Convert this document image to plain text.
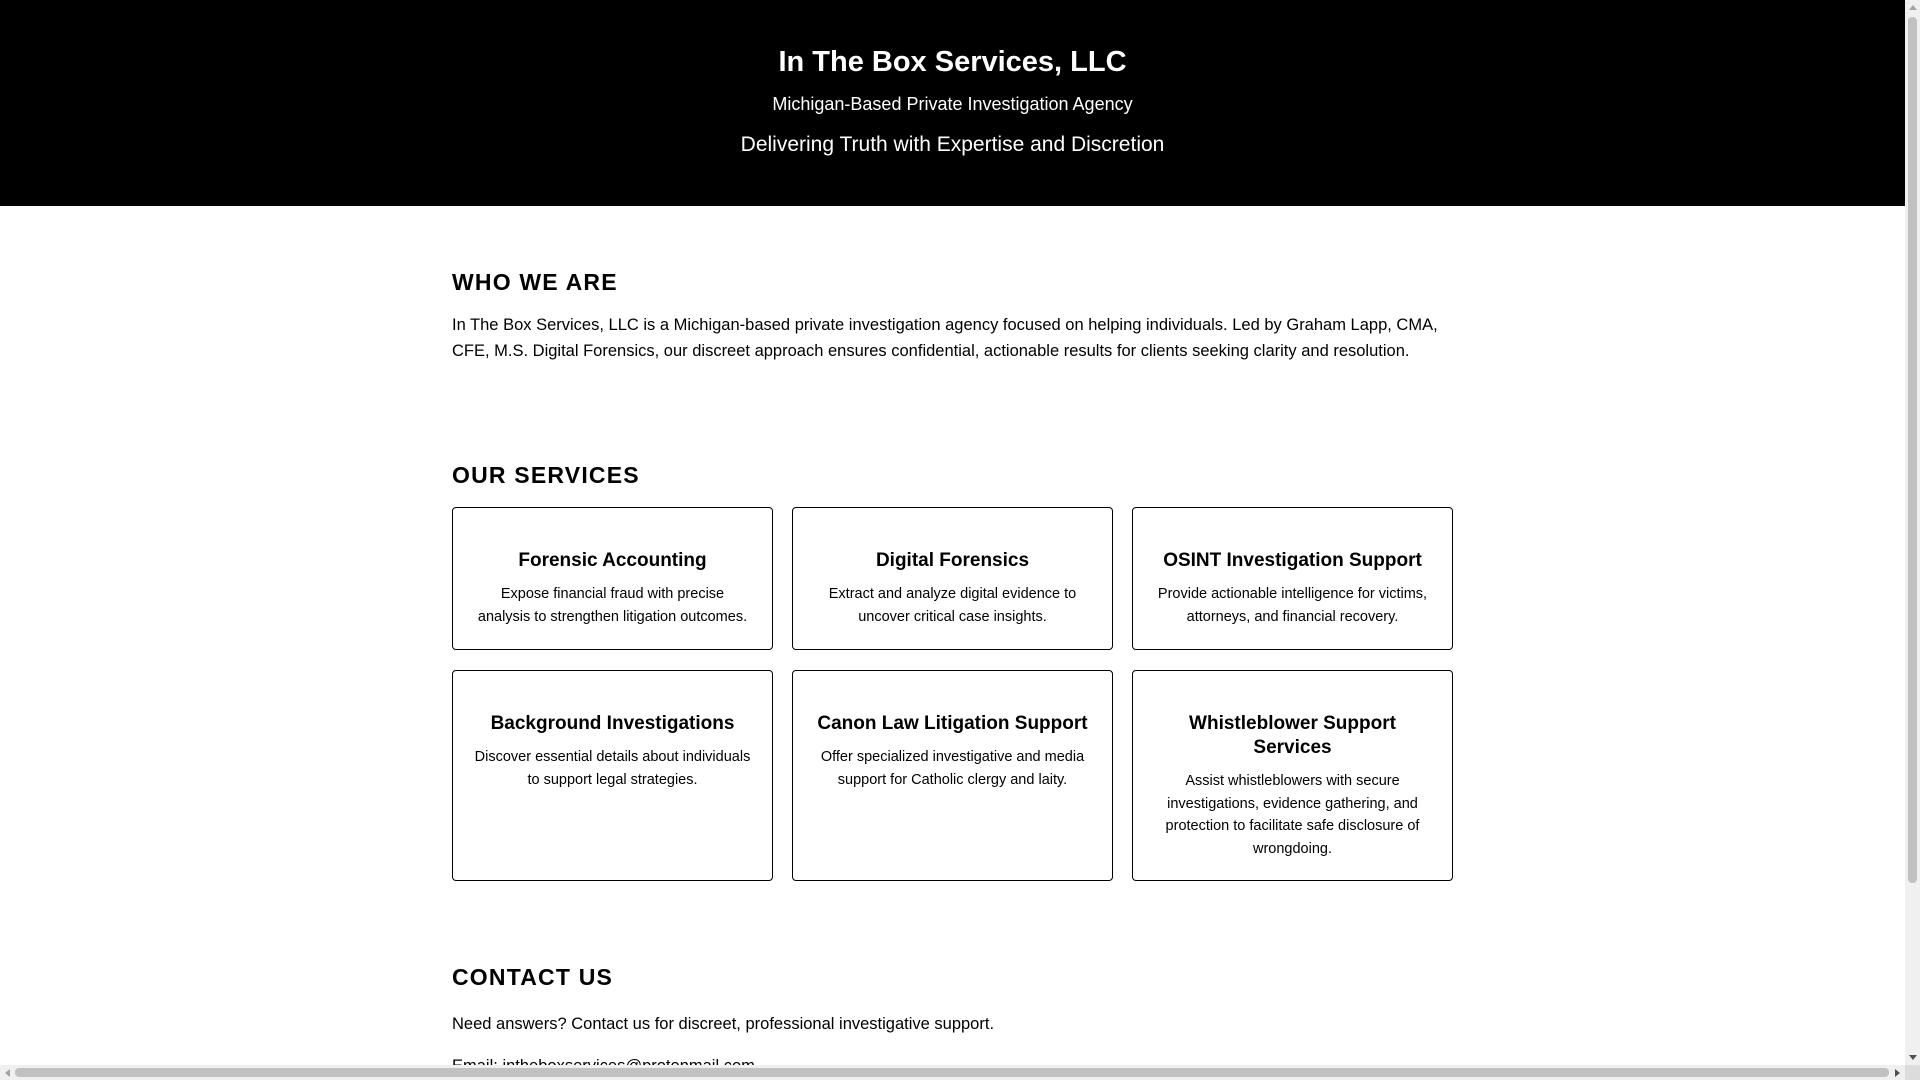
In The Box Services, LLC

Michigan-Based Private Investigation Agency

Delivering Truth with Expertise and Discretion

WHO WE ARE

In The Box Services, LLC is a Michigan-based private investigation agency focused on helping individuals. Led by Graham Lapp, CMA, CFE, M.S. Digital Forensics, our discreet approach ensures confidential, actionable results for clients seeking clarity and resolution.

OUR SERVICES
Forensic Accounting

Expose financial fraud with precise analysis to strengthen litigation outcomes.

Digital Forensics

Extract and analyze digital evidence to uncover critical case insights.

OSINT Investigation Support

Provide actionable intelligence for victims, attorneys, and financial recovery.

Background Investigations

Discover essential details about individuals to support legal strategies.

Canon Law Litigation Support

Offer specialized investigative and media support for Catholic clergy and laity.

Whistleblower Support Services

Assist whistleblowers with secure investigations, evidence gathering, and protection to facilitate safe disclosure of wrongdoing.

CONTACT US

Need answers? Contact us for discreet, professional investigative support.
